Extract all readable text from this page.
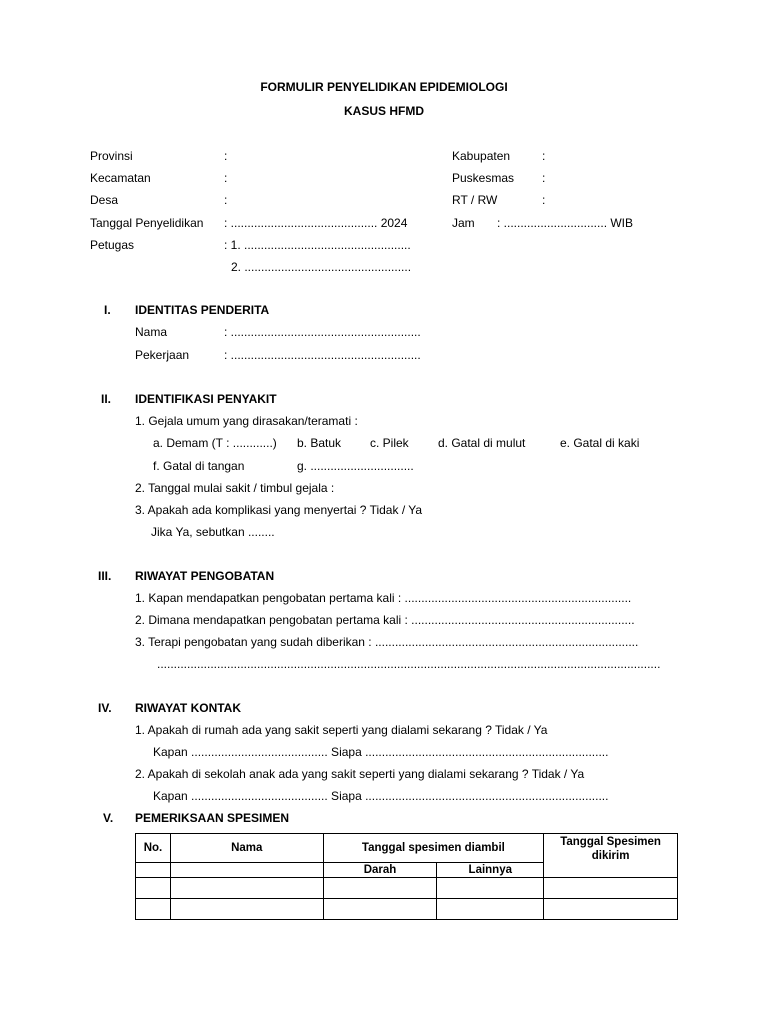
FORMULIR PENYELIDIKAN EPIDEMIOLOGI
KASUS HFMD
Provinsi	:
Kecamatan	:
Desa	:
Tanggal Penyelidikan : ............................................ 2024
Petugas	: 1. ..................................................
2. ..................................................
Kabupaten	:
Puskesmas :
RT / RW	:
Jam : ............................... WIB
I. IDENTITAS PENDERITA
Nama	: .........................................................
Pekerjaan	: .........................................................
II. IDENTIFIKASI PENYAKIT
1. Gejala umum yang dirasakan/teramati :
a. Demam (T : ............) b. Batuk c. Pilek d. Gatal di mulut	e. Gatal di kaki
f. Gatal di tangan	g. ...............................
2. Tanggal mulai sakit / timbul gejala :
3. Apakah ada komplikasi yang menyertai ? Tidak / Ya
Jika Ya, sebutkan ........
III. RIWAYAT PENGOBATAN
1. Kapan mendapatkan pengobatan pertama kali : ....................................................................
2. Dimana mendapatkan pengobatan pertama kali : ...................................................................
3. Terapi pengobatan yang sudah diberikan : ...............................................................................
.......................................................................................................................................................
IV. RIWAYAT KONTAK
1. Apakah di rumah ada yang sakit seperti yang dialami sekarang ? Tidak / Ya
Kapan ......................................... Siapa .........................................................................
2. Apakah di sekolah anak ada yang sakit seperti yang dialami sekarang ? Tidak / Ya
Kapan ......................................... Siapa .........................................................................
V. PEMERIKSAAN SPESIMEN
No.	Nama	Tanggal spesimen diambil		Tanggal Spesimen dikirim
		Darah	Lainnya	
